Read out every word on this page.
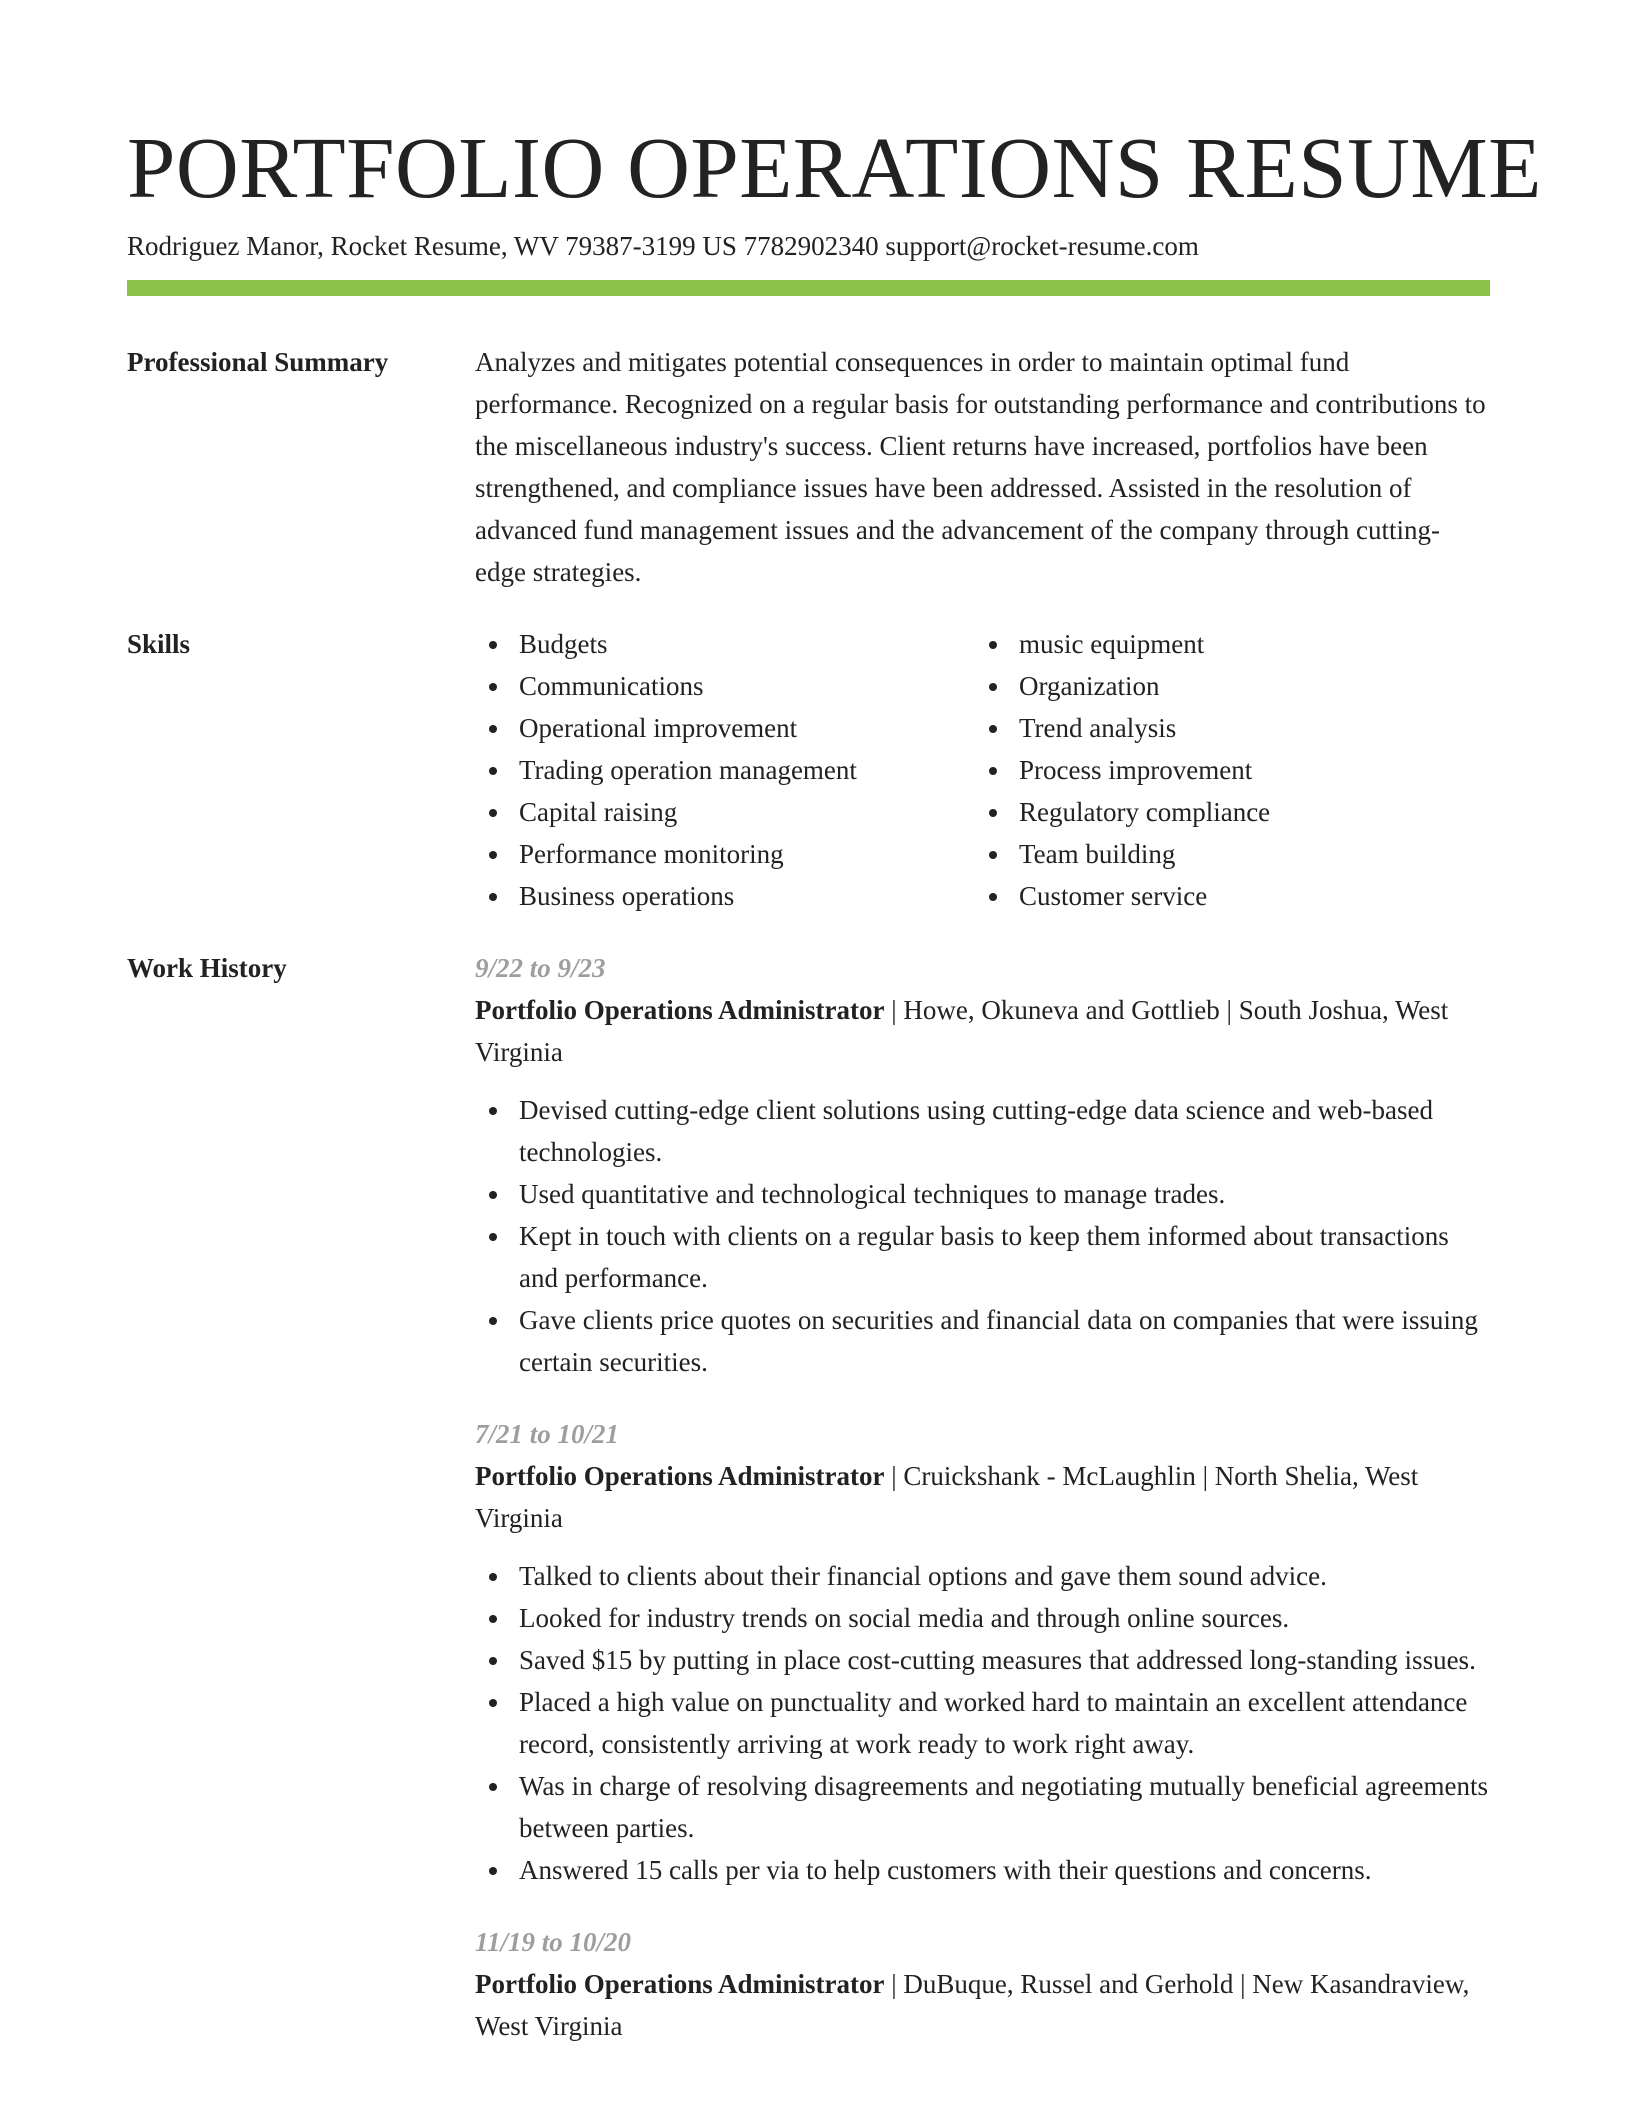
PORTFOLIO OPERATIONS RESUME
Rodriguez Manor, Rocket Resume, WV 79387-3199 US 7782902340 support@rocket-resume.com
Professional Summary	Analyzes and mitigates potential consequences in order to maintain optimal fund performance. Recognized on a regular basis for outstanding performance and contributions to the miscellaneous industry's success. Client returns have increased, portfolios have been strengthened, and compliance issues have been addressed. Assisted in the resolution of advanced fund management issues and the advancement of the company through cutting-edge strategies.
Skills	Budgets
Communications
Operational improvement
Trading operation management
Capital raising
Performance monitoring
Business operations
music equipment
Organization
Trend analysis
Process improvement
Regulatory compliance
Team building
Customer service
Work History	9/22 to 9/23
Portfolio Operations Administrator | Howe, Okuneva and Gottlieb | South Joshua, West Virginia
Devised cutting-edge client solutions using cutting-edge data science and web-based technologies.
Used quantitative and technological techniques to manage trades.
Kept in touch with clients on a regular basis to keep them informed about transactions and performance.
Gave clients price quotes on securities and financial data on companies that were issuing certain securities.
7/21 to 10/21
Portfolio Operations Administrator | Cruickshank - McLaughlin | North Shelia, West Virginia
Talked to clients about their financial options and gave them sound advice.
Looked for industry trends on social media and through online sources.
Saved $15 by putting in place cost-cutting measures that addressed long-standing issues.
Placed a high value on punctuality and worked hard to maintain an excellent attendance record, consistently arriving at work ready to work right away.
Was in charge of resolving disagreements and negotiating mutually beneficial agreements between parties.
Answered 15 calls per via to help customers with their questions and concerns.
11/19 to 10/20
Portfolio Operations Administrator | DuBuque, Russel and Gerhold | New Kasandraview, West Virginia
